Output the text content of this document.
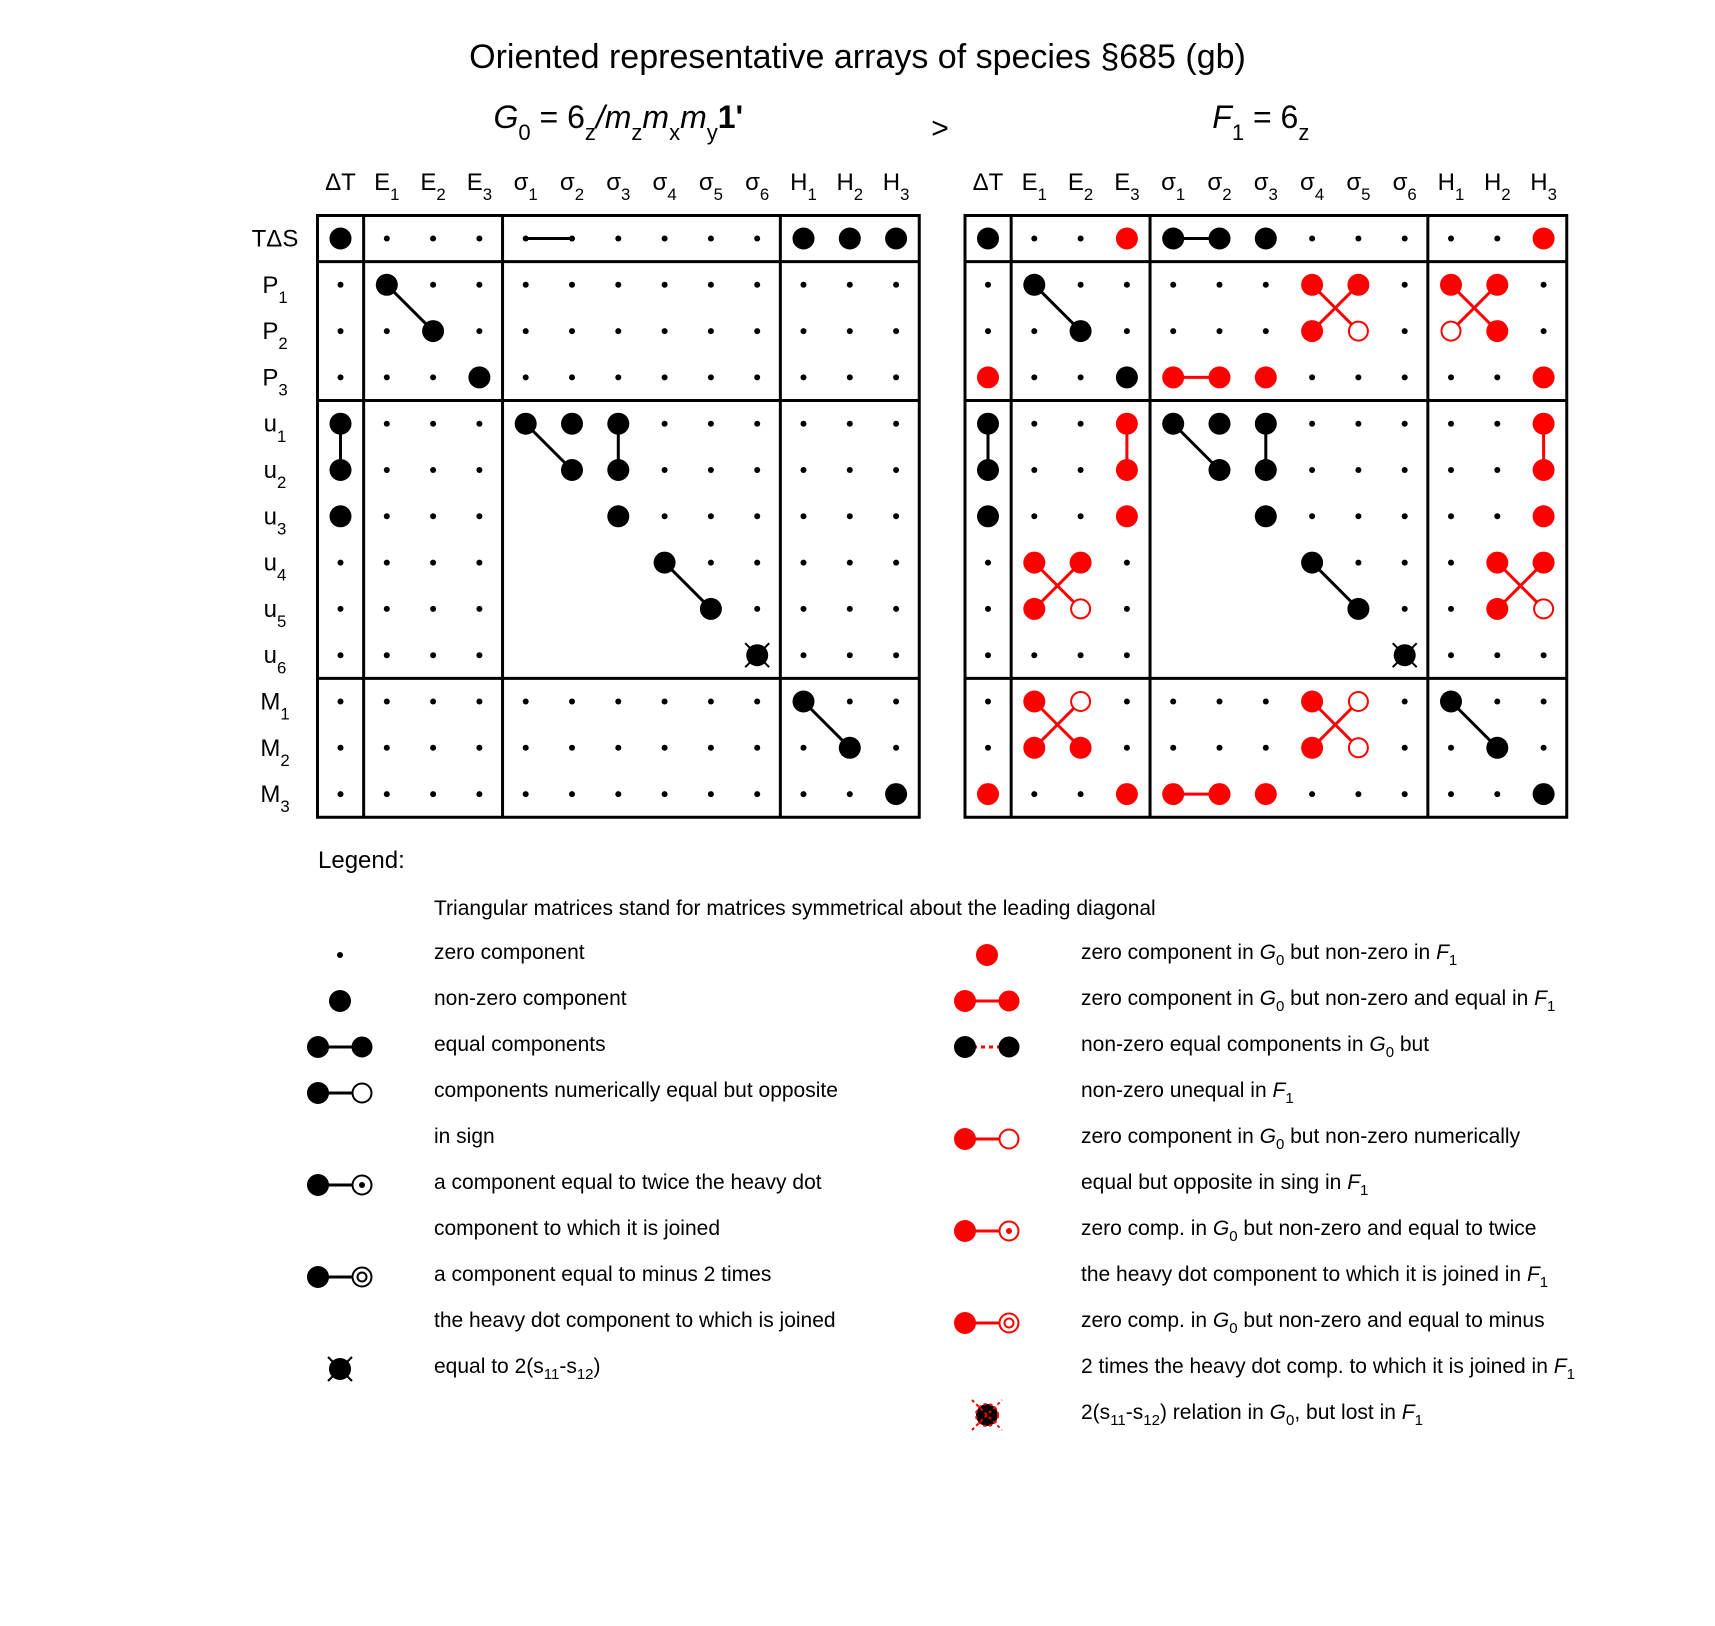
Oriented representative arrays of species §685 (gb)
Legend:
Triangular matrices stand for matrices symmetrical about the leading diagonal
$G_0 = 6_z/m_zm_xm_y1'$	$F_1 = 6_z$
>
ΔT $E_1$ $E_2$ $E_3$ $\sigma_1$ $\sigma_2$ $\sigma_3$ $\sigma_4$ $\sigma_5$ $\sigma_6$ $H_1$ $H_2$ $H_3$	ΔT $E_1$ $E_2$ $E_3$ $\sigma_1$ $\sigma_2$ $\sigma_3$ $\sigma_4$ $\sigma_5$ $\sigma_6$ $H_1$ $H_2$ $H_3$
TΔS
$P_1$
$P_2$
$P_3$
$u_1$
$u_2$
$u_3$
$u_4$
$u_5$
$u_6$
$M_1$
$M_2$
$M_3$
zero component
non-zero component
equal components
components numerically equal but opposite
in sign
a component equal to twice the heavy dot
component to which it is joined
a component equal to minus 2 times
the heavy dot component to which is joined
equal to $2(s_{11}-s_{12})$
zero component in $G_0$ but non-zero in $F_1$
zero component in $G_0$ but non-zero and equal in $F_1$
non-zero equal components in $G_0$ but
non-zero unequal in $F_1$
zero component in $G_0$ but non-zero numerically
equal but opposite in sing in $F_1$
zero comp. in $G_0$ but non-zero and equal to twice
the heavy dot component to which it is joined in $F_1$
zero comp. in $G_0$ but non-zero and equal to minus
2 times the heavy dot comp. to which it is joined in $F_1$
$2(s_{11}-s_{12})$ relation in $G_0$, but lost in $F_1$
